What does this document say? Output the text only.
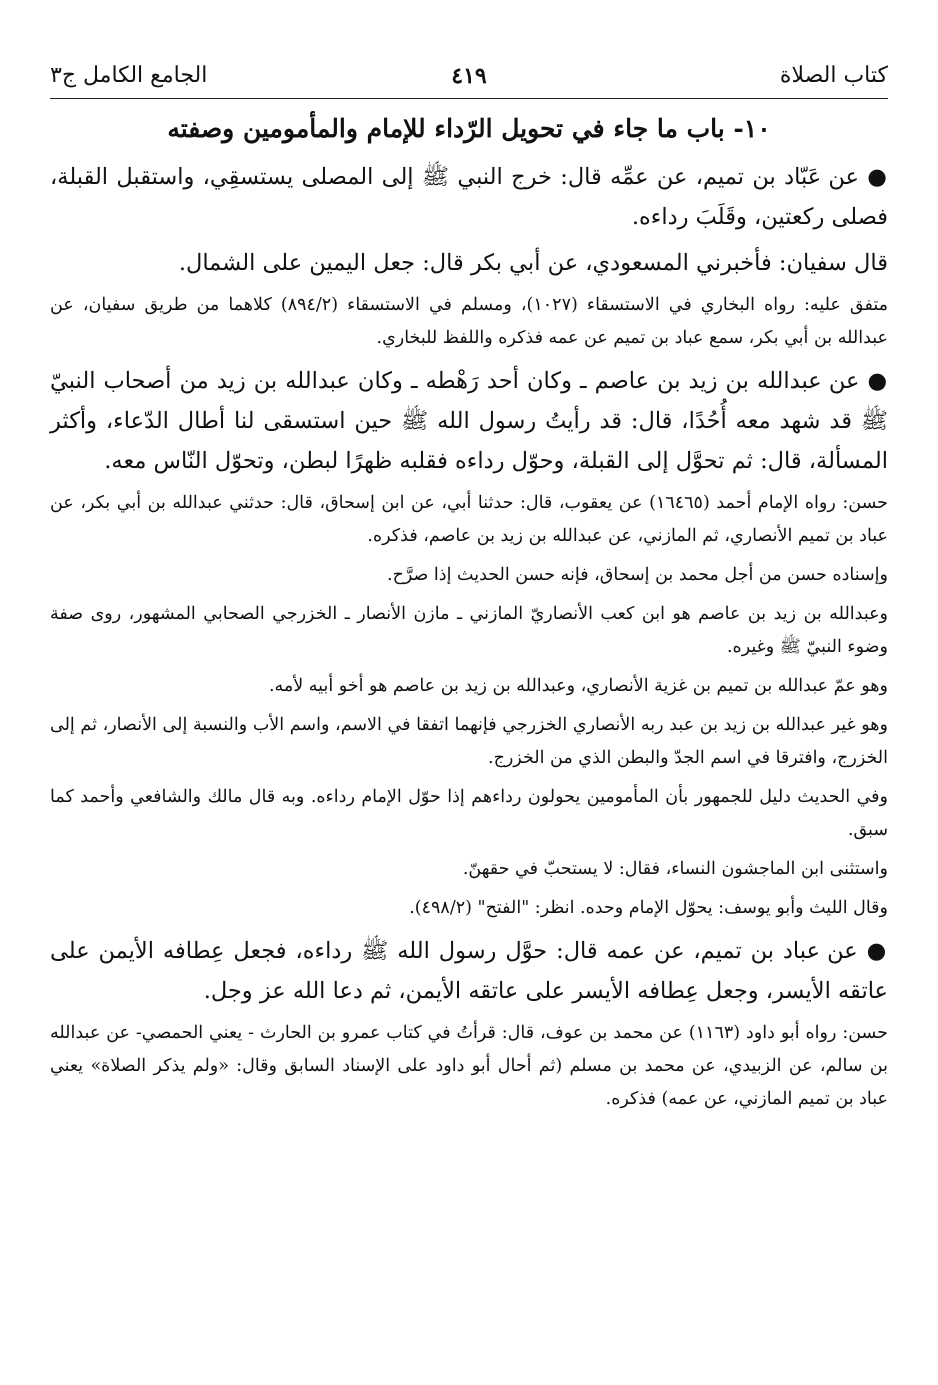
كتاب الصلاة
٤١٩
الجامع الكامل ج٣
١٠- باب ما جاء في تحويل الرّداء للإمام والمأمومين وصفته

● عن عَبّاد بن تميم، عن عمِّه قال: خرج النبي ﷺ إلى المصلى يستسقِي، واستقبل القبلة، فصلى ركعتين، وقَلَبَ رداءه.

قال سفيان: فأخبرني المسعودي، عن أبي بكر قال: جعل اليمين على الشمال.

متفق عليه: رواه البخاري في الاستسقاء (١٠٢٧)، ومسلم في الاستسقاء (٨٩٤/٢) كلاهما من طريق سفيان، عن عبدالله بن أبي بكر، سمع عباد بن تميم عن عمه فذكره واللفظ للبخاري.

● عن عبدالله بن زيد بن عاصم ـ وكان أحد رَهْطه ـ وكان عبدالله بن زيد من أصحاب النبيّ ﷺ قد شهد معه أُحُدًا، قال: قد رأيتُ رسول الله ﷺ حين استسقى لنا أطال الدّعاء، وأكثر المسألة، قال: ثم تحوَّل إلى القبلة، وحوّل رداءه فقلبه ظهرًا لبطن، وتحوّل النّاس معه.

حسن: رواه الإمام أحمد (١٦٤٦٥) عن يعقوب، قال: حدثنا أبي، عن ابن إسحاق، قال: حدثني عبدالله بن أبي بكر، عن عباد بن تميم الأنصاري، ثم المازني، عن عبدالله بن زيد بن عاصم، فذكره.

وإسناده حسن من أجل محمد بن إسحاق، فإنه حسن الحديث إذا صرَّح.

وعبدالله بن زيد بن عاصم هو ابن كعب الأنصاريّ المازني ـ مازن الأنصار ـ الخزرجي الصحابي المشهور، روى صفة وضوء النبيّ ﷺ وغيره.

وهو عمّ عبدالله بن تميم بن غزية الأنصاري، وعبدالله بن زيد بن عاصم هو أخو أبيه لأمه.

وهو غير عبدالله بن زيد بن عبد ربه الأنصاري الخزرجي فإنهما اتفقا في الاسم، واسم الأب والنسبة إلى الأنصار، ثم إلى الخزرج، وافترقا في اسم الجدّ والبطن الذي من الخزرج.

وفي الحديث دليل للجمهور بأن المأمومين يحولون رداءهم إذا حوّل الإمام رداءه. وبه قال مالك والشافعي وأحمد كما سبق.

واستثنى ابن الماجشون النساء، فقال: لا يستحبّ في حقهنّ.

وقال الليث وأبو يوسف: يحوّل الإمام وحده. انظر: "الفتح" (٤٩٨/٢).

● عن عباد بن تميم، عن عمه قال: حوَّل رسول الله ﷺ رداءه، فجعل عِطافه الأيمن على عاتقه الأيسر، وجعل عِطافه الأيسر على عاتقه الأيمن، ثم دعا الله عز وجل.

حسن: رواه أبو داود (١١٦٣) عن محمد بن عوف، قال: قرأتُ في كتاب عمرو بن الحارث - يعني الحمصي- عن عبدالله بن سالم، عن الزبيدي، عن محمد بن مسلم (ثم أحال أبو داود على الإسناد السابق وقال: «ولم يذكر الصلاة» يعني عباد بن تميم المازني، عن عمه) فذكره.
